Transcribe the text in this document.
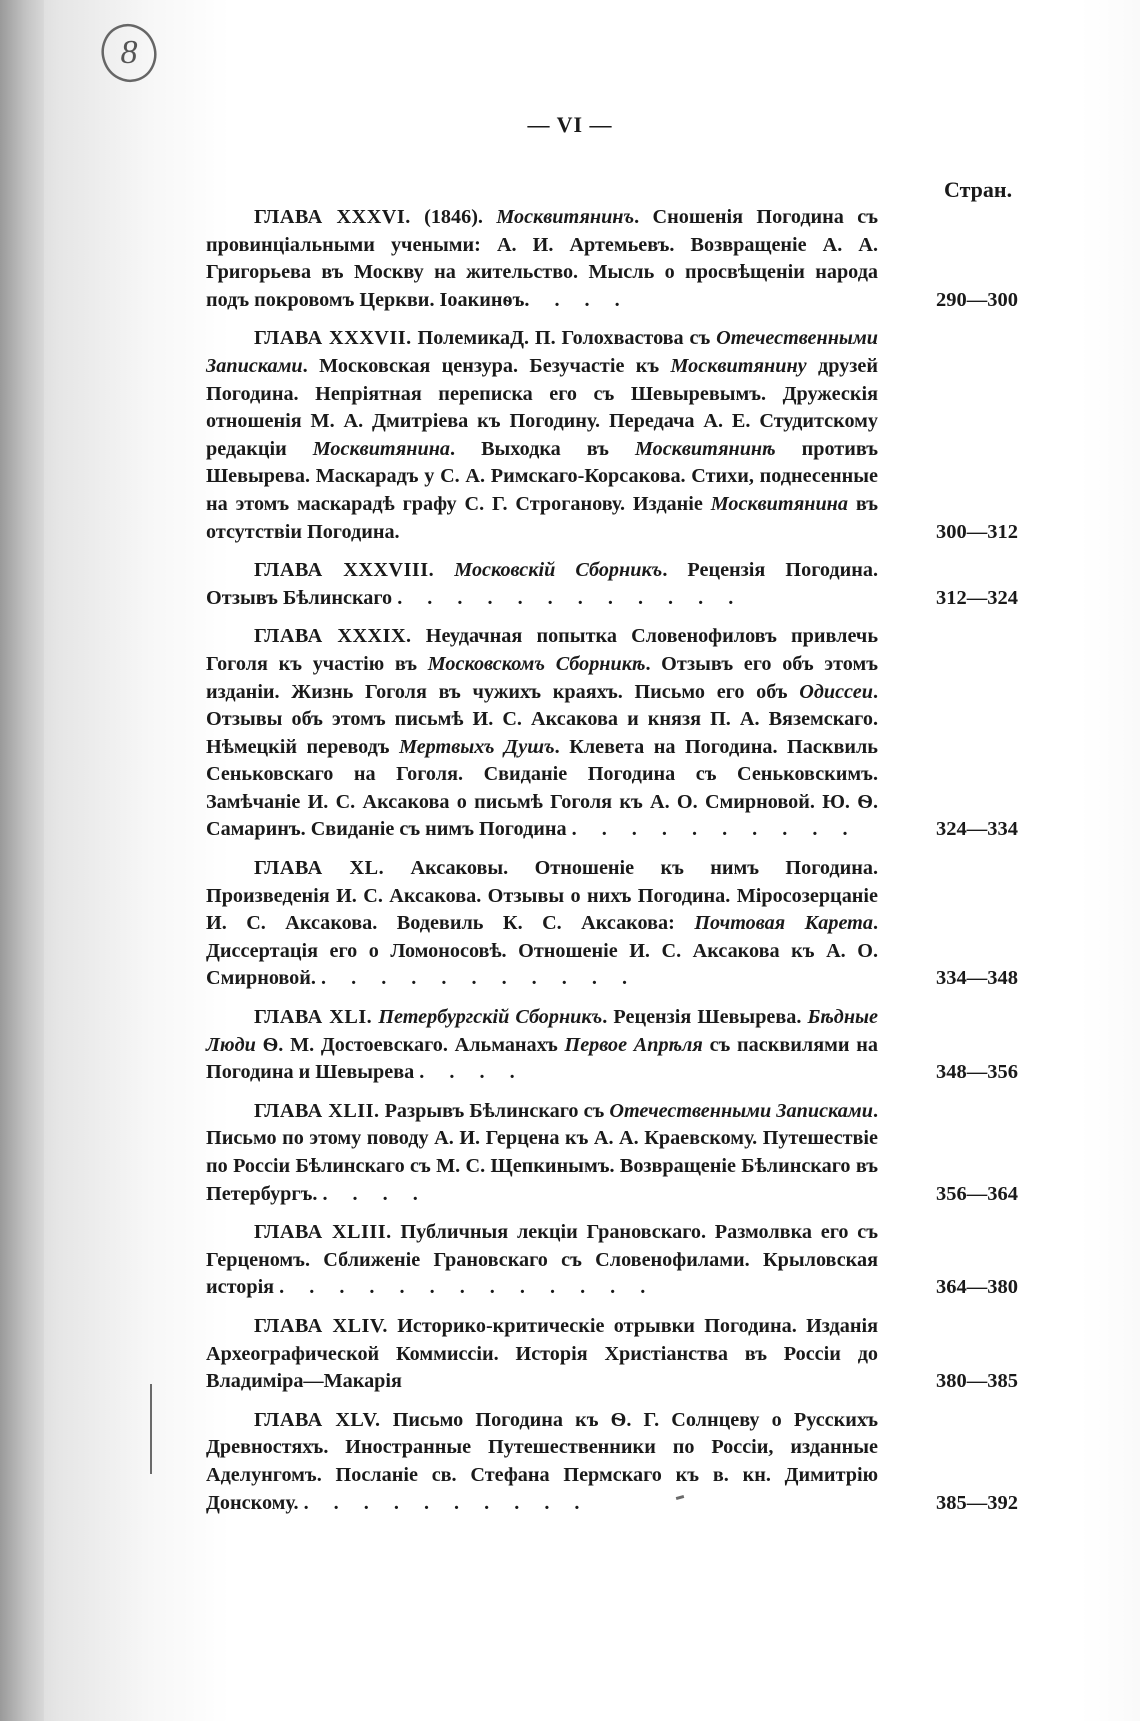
8
— VI —
Стран.
ГЛАВА XXXVI. (1846). Москвитянинъ. Сношенія Погодина съ провинціальными учеными: А. И. Артемьевъ. Возвращеніе А. А. Григорьева въ Москву на жительство. Мысль о просвѣщеніи народа подъ покровомъ Церкви. Іоакинѳъ. . . .	290—300
ГЛАВА XXXVII. ПолемикаД. П. Голохвастова съ Отечественными Записками. Московская цензура. Безучастіе къ Москвитянину друзей Погодина. Непріятная переписка его съ Шевыревымъ. Дружескія отношенія М. А. Дмитріева къ Погодину. Передача А. Е. Студитскому редакціи Москвитянина. Выходка въ Москвитянинѣ противъ Шевырева. Маскарадъ у С. А. Римскаго-Корсакова. Стихи, поднесенные на этомъ маскарадѣ графу С. Г. Строганову. Изданіе Москвитянина въ отсутствіи Погодина.	300—312
ГЛАВА XXXVIII. Московскій Сборникъ. Рецензія Погодина. Отзывъ Бѣлинскаго . . . . . . . . . . . .	312—324
ГЛАВА XXXIX. Неудачная попытка Словенофиловъ привлечь Гоголя къ участію въ Московскомъ Сборникѣ. Отзывъ его объ этомъ изданіи. Жизнь Гоголя въ чужихъ краяхъ. Письмо его объ Одиссеи. Отзывы объ этомъ письмѣ И. С. Аксакова и князя П. А. Вяземскаго. Нѣмецкій переводъ Мертвыхъ Душъ. Клевета на Погодина. Пасквиль Сеньковскаго на Гоголя. Свиданіе Погодина съ Сеньковскимъ. Замѣчаніе И. С. Аксакова о письмѣ Гоголя къ А. О. Смирновой. Ю. Ѳ. Самаринъ. Свиданіе съ нимъ Погодина . . . . . . . . . .	324—334
ГЛАВА XL. Аксаковы. Отношеніе къ нимъ Погодина. Произведенія И. С. Аксакова. Отзывы о нихъ Погодина. Міросозерцаніе И. С. Аксакова. Водевиль К. С. Аксакова: Почтовая Карета. Диссертація его о Ломоносовѣ. Отношеніе И. С. Аксакова къ А. О. Смирновой. . . . . . . . . . . .	334—348
ГЛАВА XLI. Петербургскій Сборникъ. Рецензія Шевырева. Бѣдные Люди Ѳ. М. Достоевскаго. Альманахъ Первое Апрѣля съ пасквилями на Погодина и Шевырева . . . .	348—356
ГЛАВА XLII. Разрывъ Бѣлинскаго съ Отечественными Записками. Письмо по этому поводу А. И. Герцена къ А. А. Краевскому. Путешествіе по Россіи Бѣлинскаго съ М. С. Щепкинымъ. Возвращеніе Бѣлинскаго въ Петербургъ. . . . .	356—364
ГЛАВА XLIII. Публичныя лекціи Грановскаго. Размолвка его съ Герценомъ. Сближеніе Грановскаго съ Словенофилами. Крыловская исторія . . . . . . . . . . . . .	364—380
ГЛАВА XLIV. Историко-критическіе отрывки Погодина. Изданія Археографической Коммиссіи. Исторія Христіанства въ Россіи до Владиміра—Макарія	380—385
ГЛАВА XLV. Письмо Погодина къ Ѳ. Г. Солнцеву о Русскихъ Древностяхъ. Иностранные Путешественники по Россіи, изданные Аделунгомъ. Посланіе св. Стефана Пермскаго къ в. кн. Димитрію Донскому. . . . . . . . . . .	385—392
